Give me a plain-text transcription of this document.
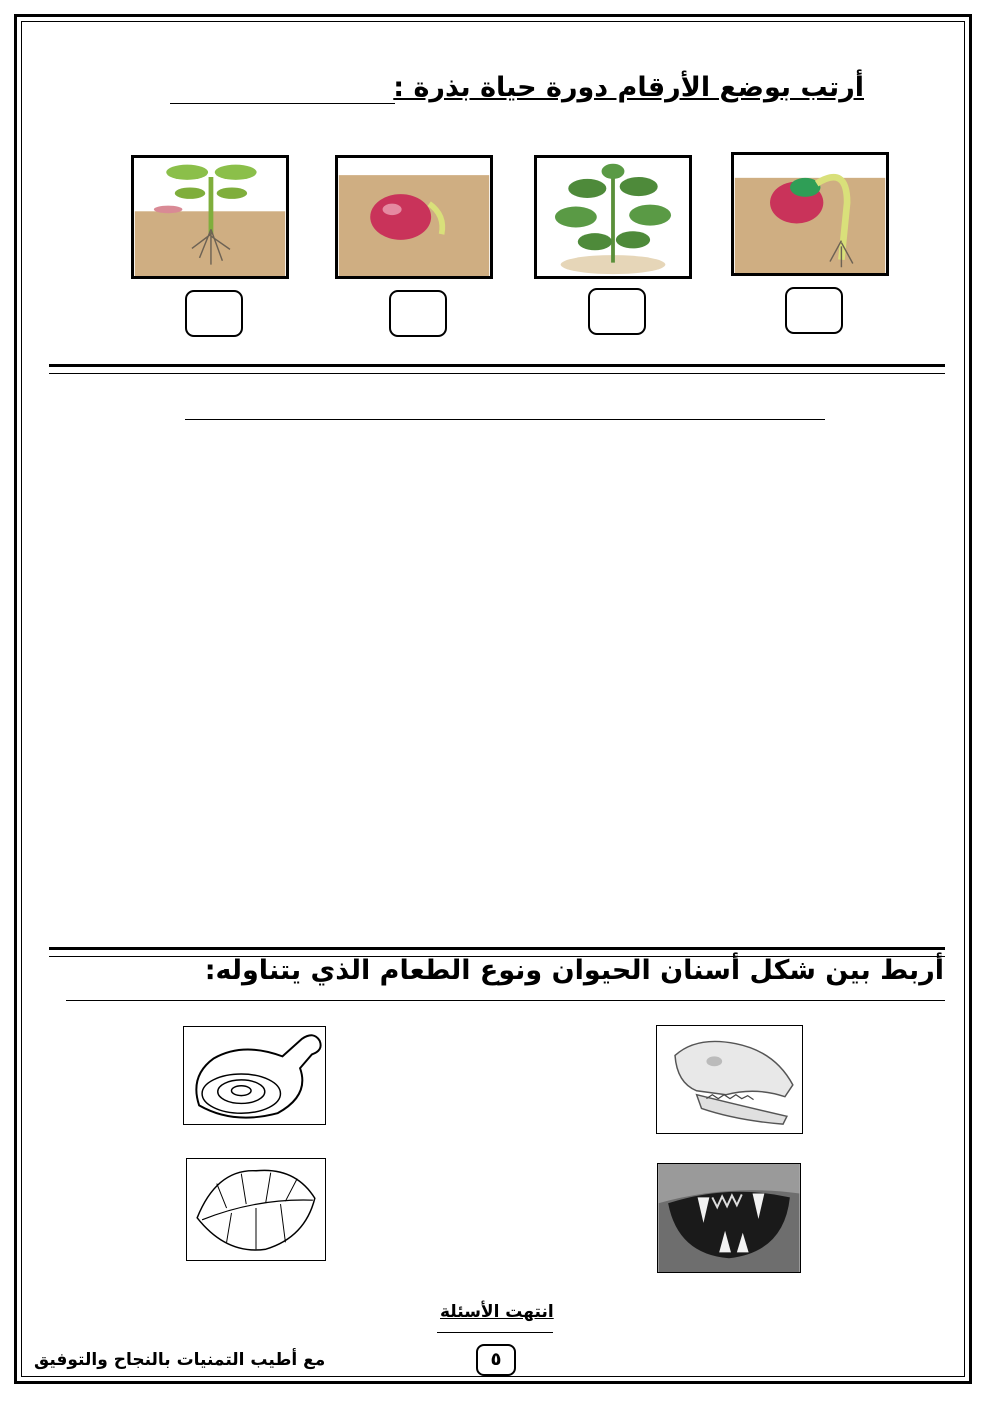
أرتب بوضع الأرقام دورة حياة بذرة :
أربط بين شكل أسنان الحيوان ونوع الطعام الذي يتناوله:
انتهت الأسئلة
٥
مع أطيب التمنيات بالنجاح والتوفيق
